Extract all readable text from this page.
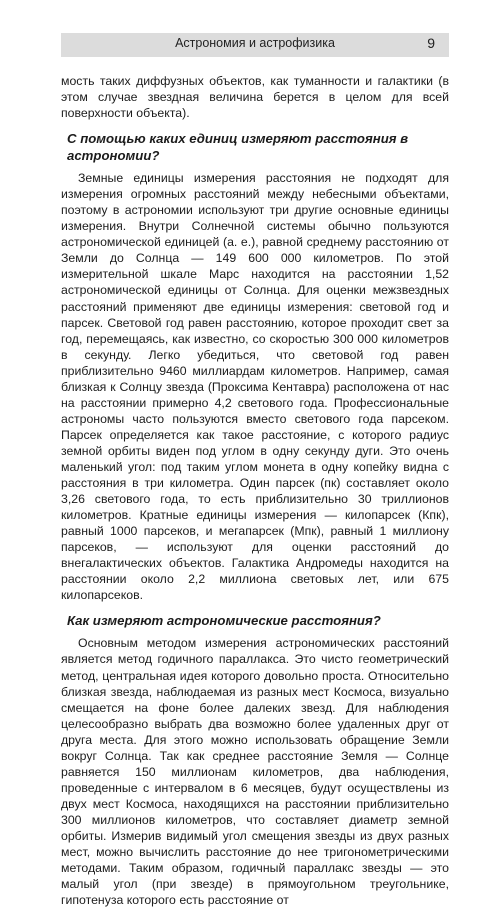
Астрономия и астрофизика	9

мость таких диффузных объектов, как туманности и галактики (в этом случае звездная величина берется в целом для всей поверхности объекта).

С помощью каких единиц измеряют расстояния в астрономии?

Земные единицы измерения расстояния не подходят для измерения огромных расстояний между небесными объектами, поэтому в астрономии используют три другие основные единицы измерения. Внутри Солнечной системы обычно пользуются астрономической единицей (а. е.), равной среднему расстоянию от Земли до Солнца — 149 600 000 километров. По этой измерительной шкале Марс находится на расстоянии 1,52 астрономической единицы от Солнца. Для оценки межзвездных расстояний применяют две единицы измерения: световой год и парсек. Световой год равен расстоянию, которое проходит свет за год, перемещаясь, как известно, со скоростью 300 000 километров в секунду. Легко убедиться, что световой год равен приблизительно 9460 миллиардам километров. Например, самая близкая к Солнцу звезда (Проксима Кентавра) расположена от нас на расстоянии примерно 4,2 светового года. Профессиональные астрономы часто пользуются вместо светового года парсеком. Парсек определяется как такое расстояние, с которого радиус земной орбиты виден под углом в одну секунду дуги. Это очень маленький угол: под таким углом монета в одну копейку видна с расстояния в три километра. Один парсек (пк) составляет около 3,26 светового года, то есть приблизительно 30 триллионов километров. Кратные единицы измерения — килопарсек (Кпк), равный 1000 парсеков, и мегапарсек (Мпк), равный 1 миллиону парсеков, — используют для оценки расстояний до внегалактических объектов. Галактика Андромеды находится на расстоянии около 2,2 миллиона световых лет, или 675 килопарсеков.

Как измеряют астрономические расстояния?

Основным методом измерения астрономических расстояний является метод годичного параллакса. Это чисто геометрический метод, центральная идея которого довольно проста. Относительно близкая звезда, наблюдаемая из разных мест Космоса, визуально смещается на фоне более далеких звезд. Для наблюдения целесообразно выбрать два возможно более удаленных друг от друга места. Для этого можно использовать обращение Земли вокруг Солнца. Так как среднее расстояние Земля — Солнце равняется 150 миллионам километров, два наблюдения, проведенные с интервалом в 6 месяцев, будут осуществлены из двух мест Космоса, находящихся на расстоянии приблизительно 300 миллионов километров, что составляет диаметр земной орбиты. Измерив видимый угол смещения звезды из двух разных мест, можно вычислить расстояние до нее тригонометрическими методами. Таким образом, годичный параллакс звезды — это малый угол (при звезде) в прямоугольном треугольнике, гипотенуза которого есть расстояние от
